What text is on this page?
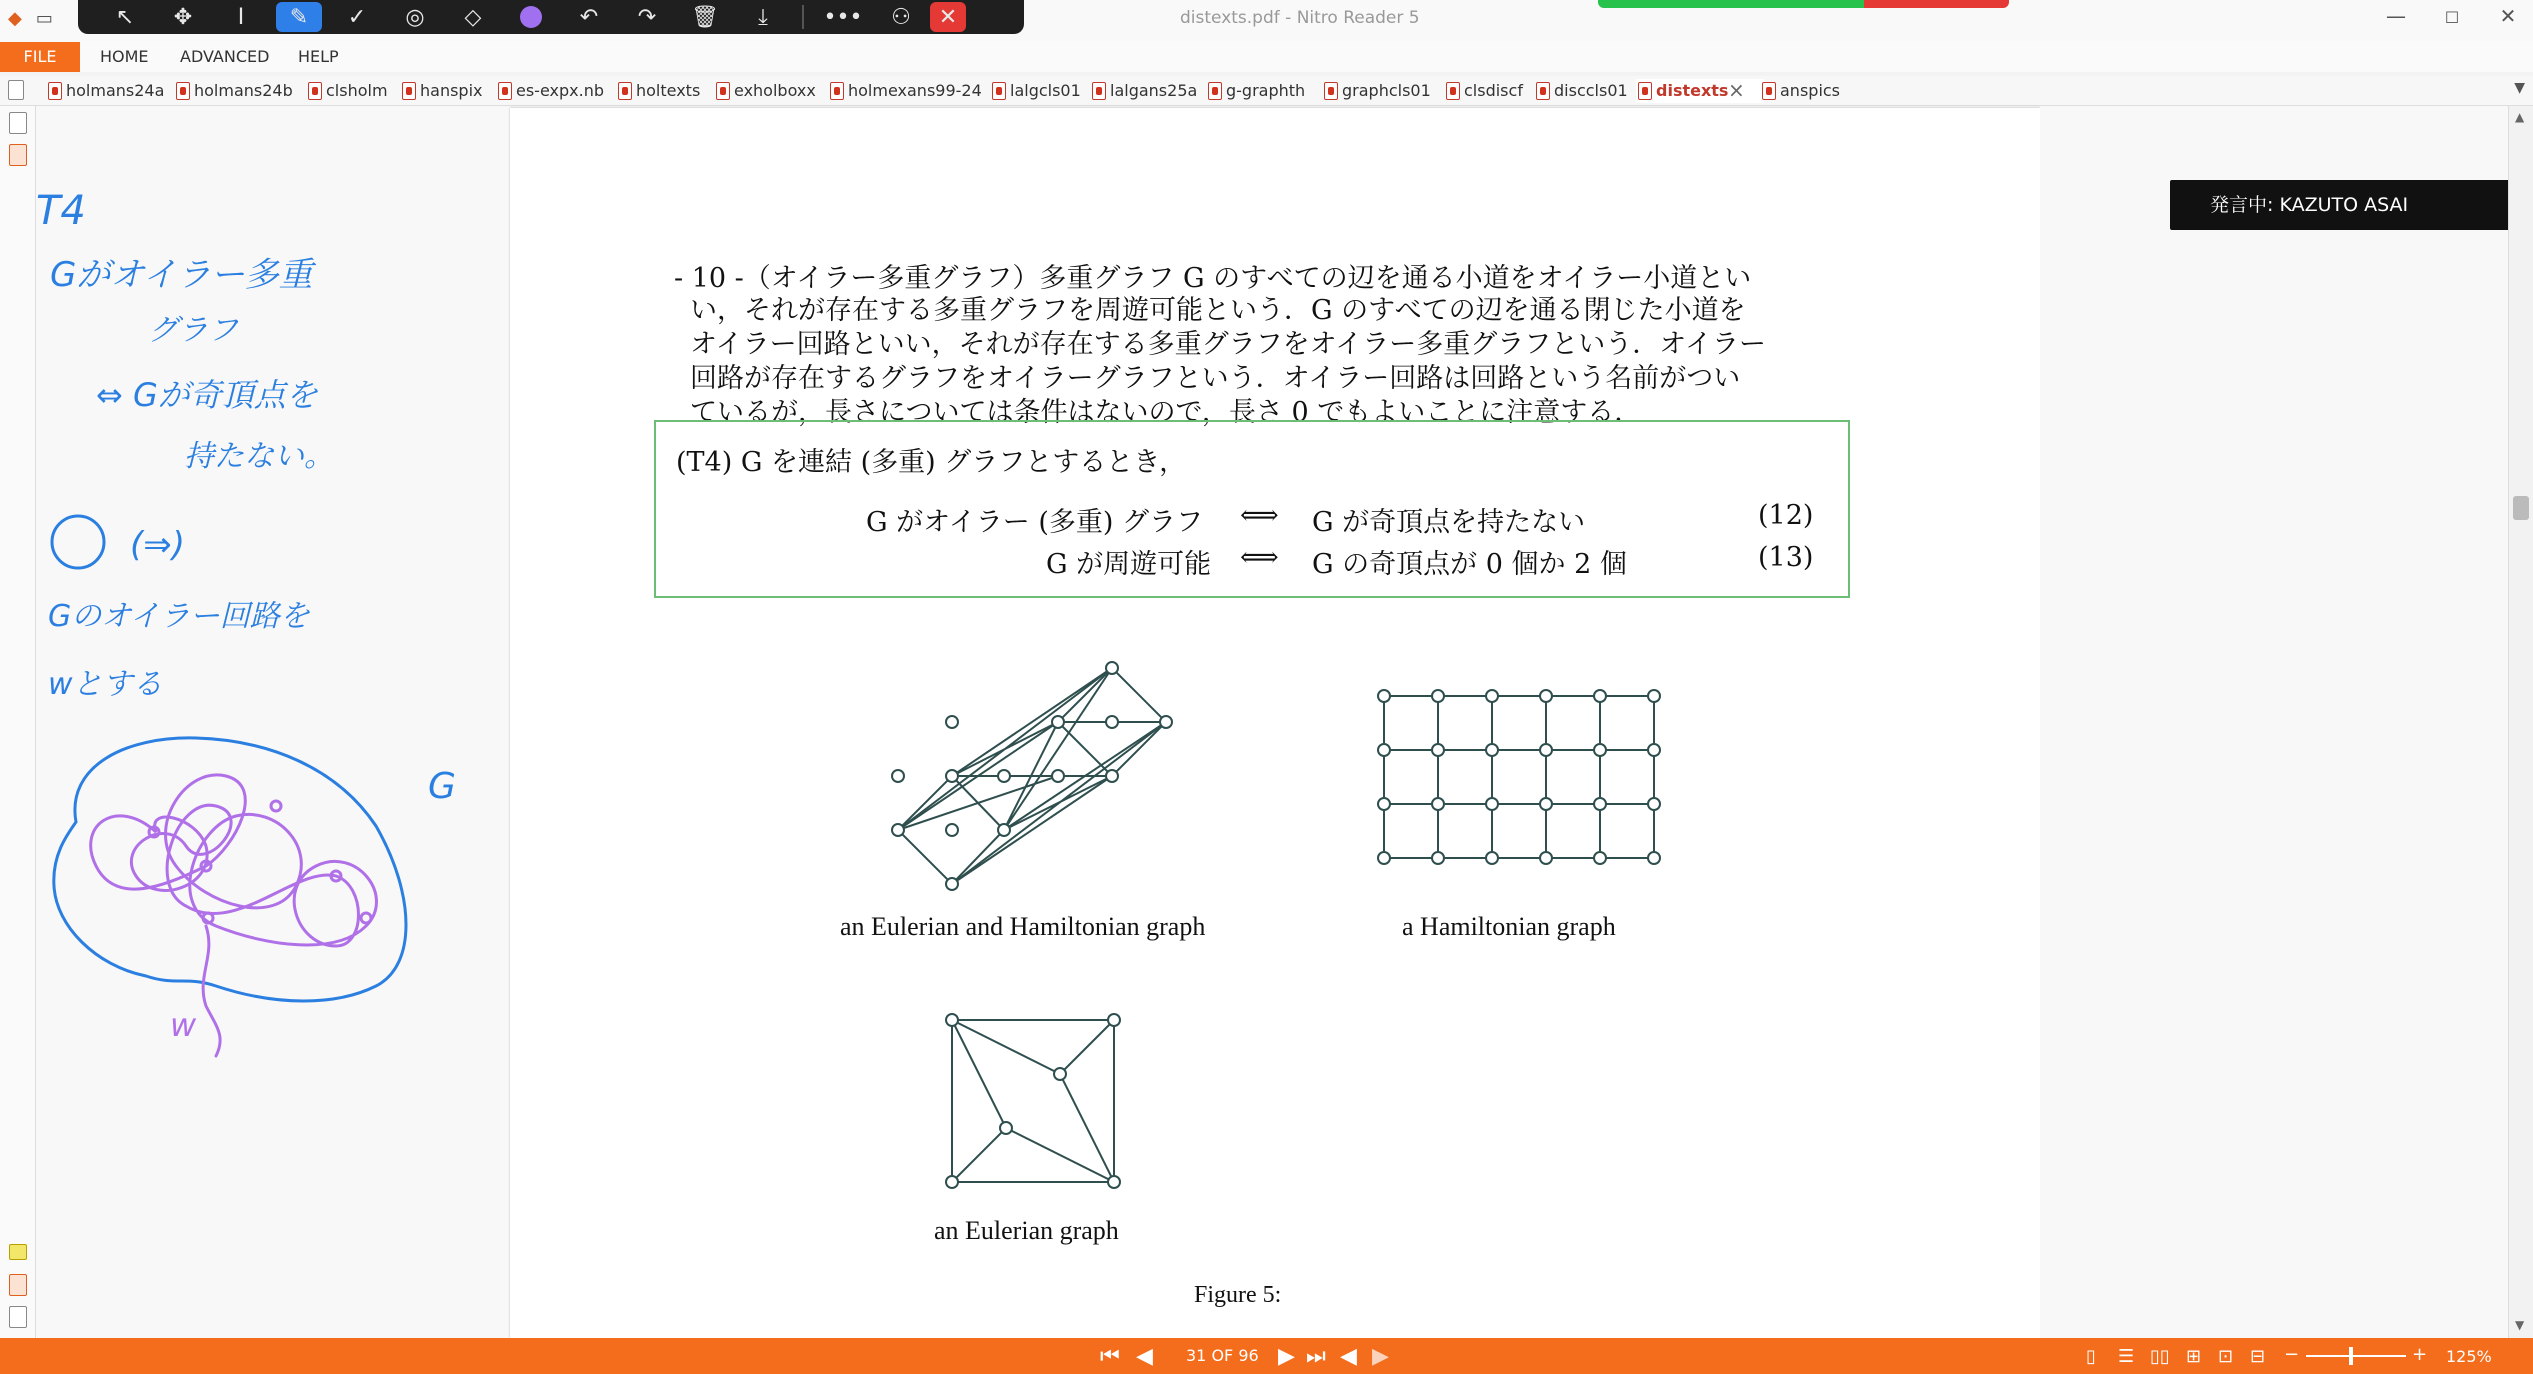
◆ ▭	distexts.pdf - Nitro Reader 5	—	☐	✕
↖	✥	I	✎	✓	◎	◇	↶	↷	🗑	⤓	•••	⚇	✕
FILE	HOME ADVANCED HELP
holmans24a	holmans24b	clsholm	hanspix	es-expx.nb	holtexts	exholboxx	holmexans99-24	lalgcls01	lalgans25a	g-graphth	graphcls01	clsdiscf	disccls01	distexts ×	anspics	▼
T4
Gがオイラー多重
グラフ
⇔ Gが奇頂点を
持たない。
(⇒)
Gのオイラー回路を
wとする
G
w
- 10 -（オイラー多重グラフ）多重グラフ G のすべての辺を通る小道をオイラー小道とい
い，それが存在する多重グラフを周遊可能という．G のすべての辺を通る閉じた小道を
オイラー回路といい，それが存在する多重グラフをオイラー多重グラフという．オイラー
回路が存在するグラフをオイラーグラフという．オイラー回路は回路という名前がつい
ているが，長さについては条件はないので，長さ 0 でもよいことに注意する．
(T4) G を連結 (多重) グラフとするとき，
G がオイラー (多重) グラフ ⟺ G が奇頂点を持たない	(12)
G が周遊可能 ⟺ G の奇頂点が 0 個か 2 個	(13)
an Eulerian and Hamiltonian graph	a Hamiltonian graph
an Eulerian graph
Figure 5:
発言中: KAZUTO ASAI
▲
▼
⏮ ◀ 31 OF 96 ▶ ⏭ ◀ ▶	▯ ☰ ▯▯ ⊞ ⊡ ⊟ −	+ 125%
